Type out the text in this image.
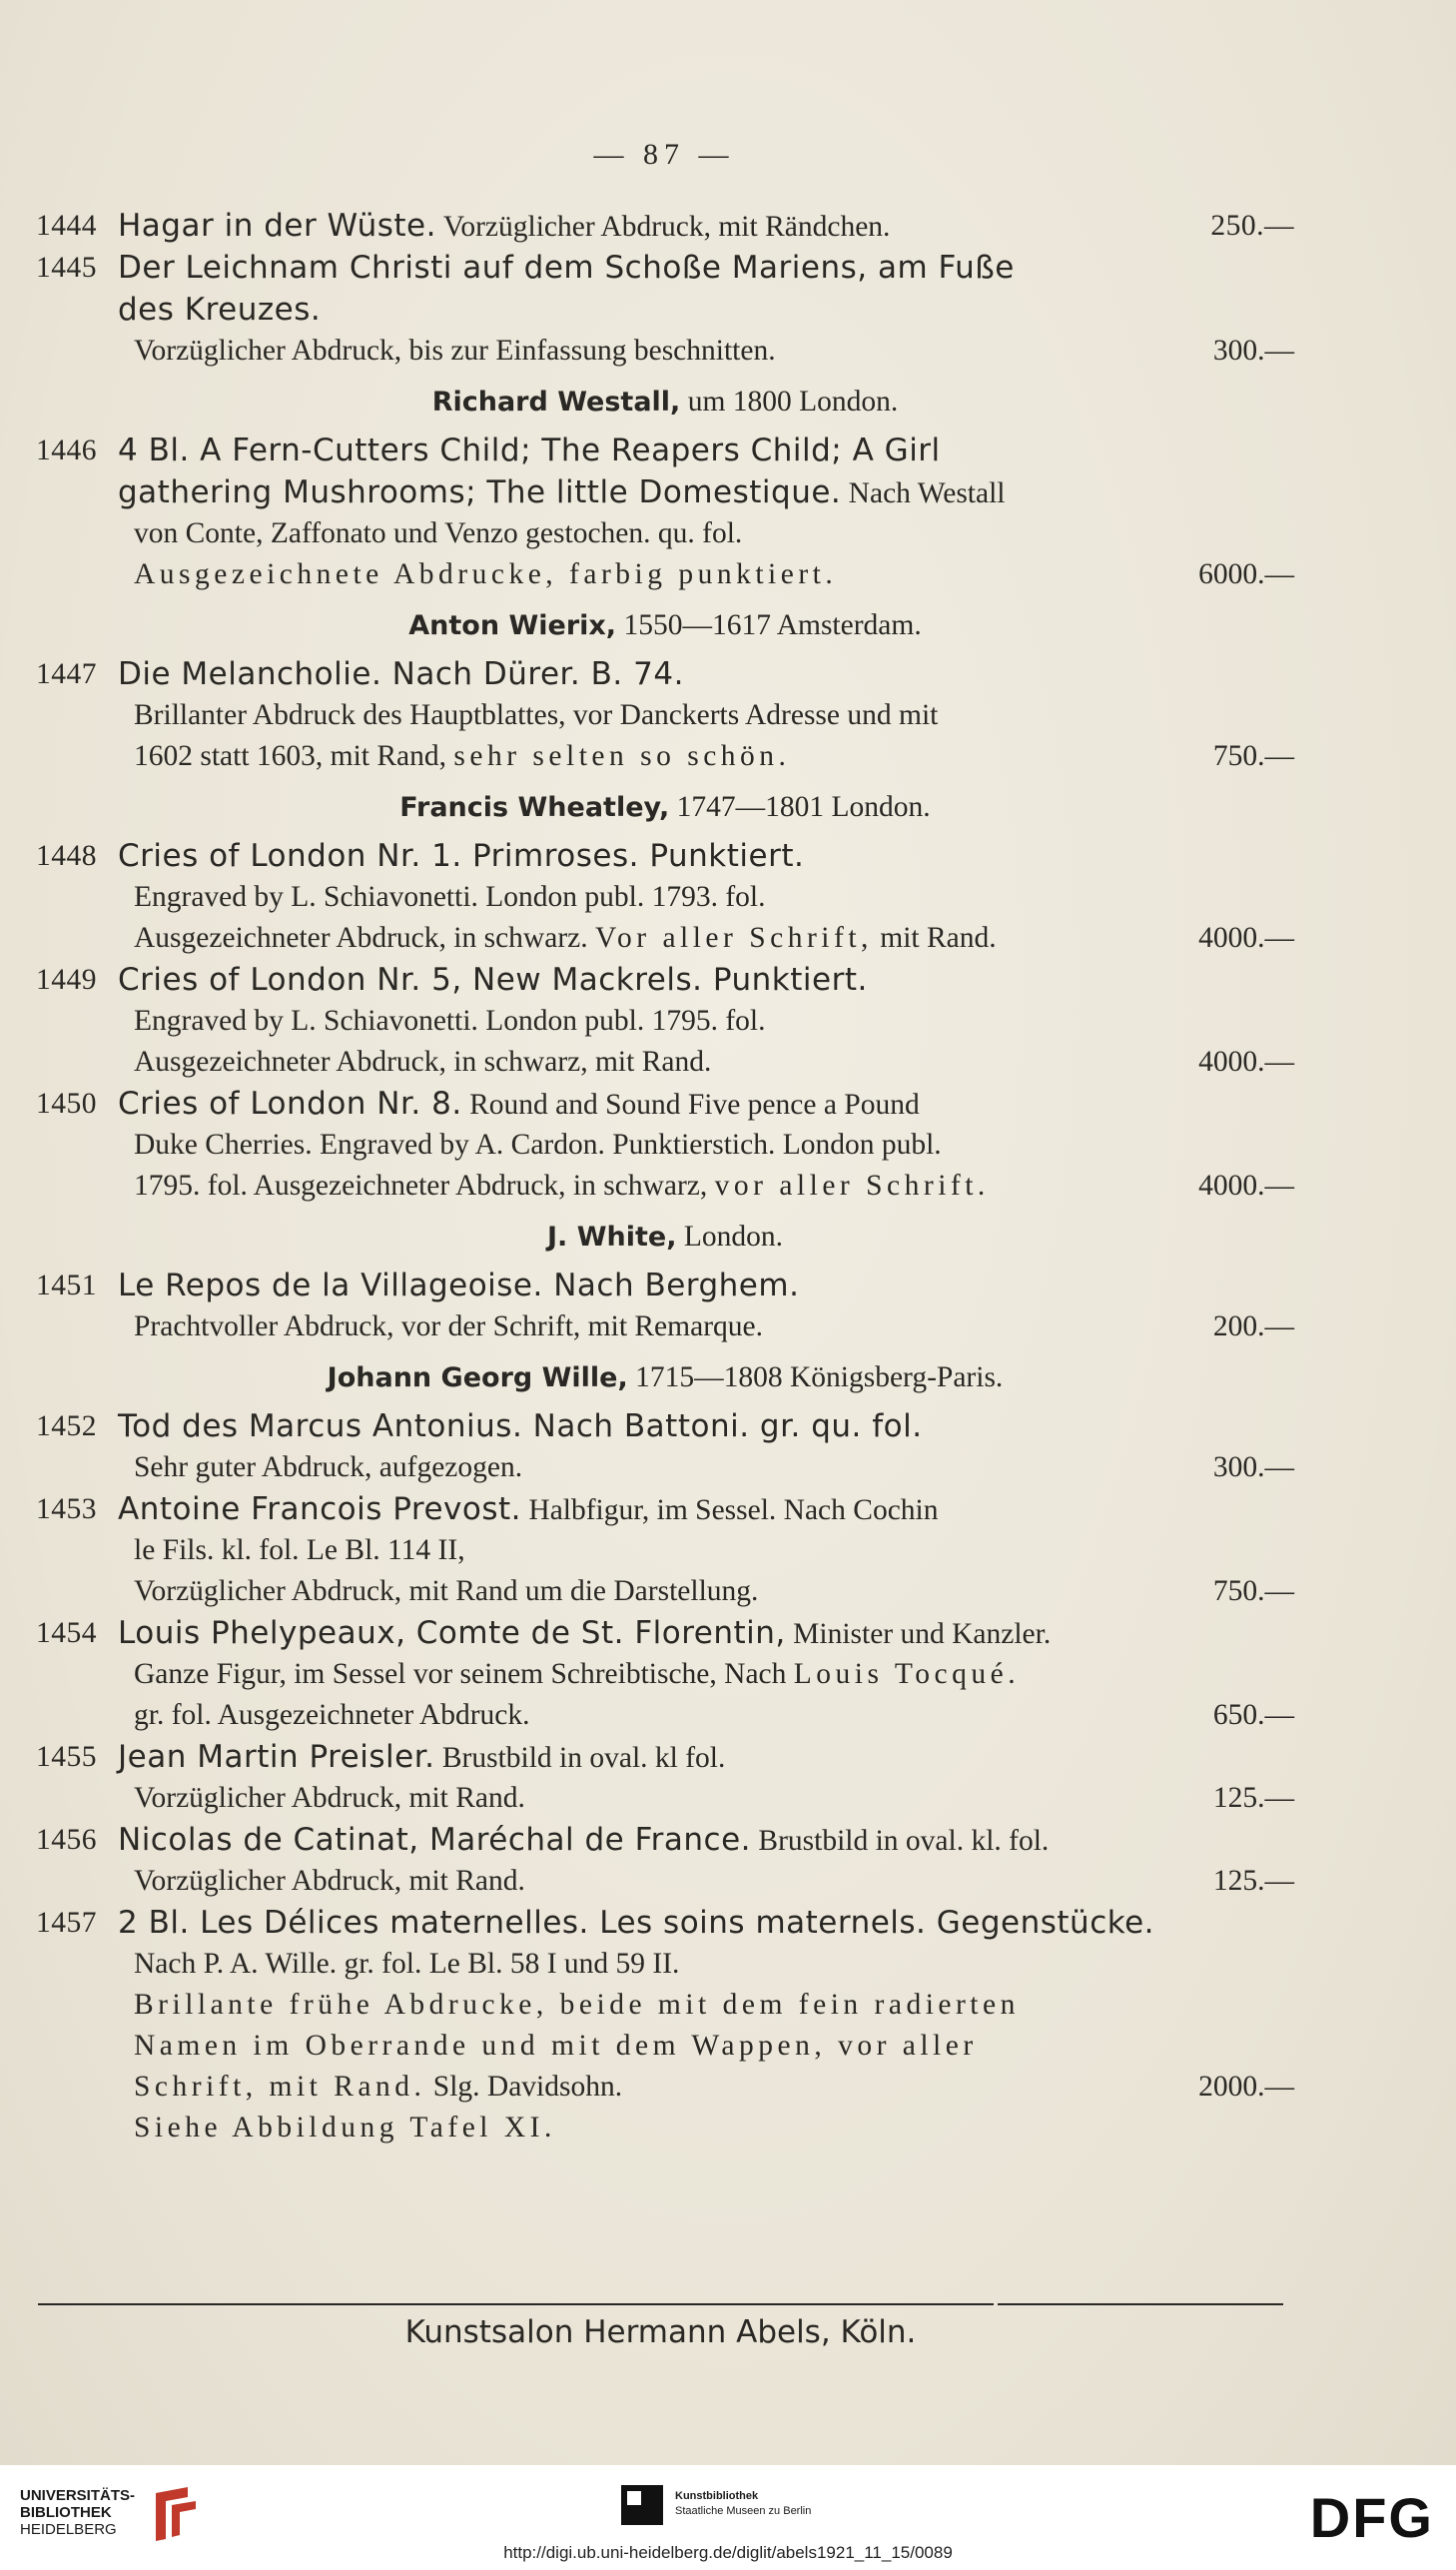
— 87 —
1444 Hagar in der Wüste. Vorzüglicher Abdruck, mit Rändchen.	250.—
1445 Der Leichnam Christi auf dem Schoße Mariens, am Fuße
des Kreuzes.
Vorzüglicher Abdruck, bis zur Einfassung beschnitten.	300.—
Richard Westall, um 1800 London.
1446 4 Bl. A Fern-Cutters Child; The Reapers Child; A Girl
gathering Mushrooms; The little Domestique. Nach Westall
von Conte, Zaffonato und Venzo gestochen. qu. fol.
Ausgezeichnete Abdrucke, farbig punktiert.	6000.—
Anton Wierix, 1550—1617 Amsterdam.
1447 Die Melancholie. Nach Dürer. B. 74.
Brillanter Abdruck des Hauptblattes, vor Danckerts Adresse und mit
1602 statt 1603, mit Rand, sehr selten so schön.	750.—
Francis Wheatley, 1747—1801 London.
1448 Cries of London Nr. 1. Primroses. Punktiert.
Engraved by L. Schiavonetti. London publ. 1793. fol.
Ausgezeichneter Abdruck, in schwarz. Vor aller Schrift, mit Rand.	4000.—
1449 Cries of London Nr. 5, New Mackrels. Punktiert.
Engraved by L. Schiavonetti. London publ. 1795. fol.
Ausgezeichneter Abdruck, in schwarz, mit Rand.	4000.—
1450 Cries of London Nr. 8. Round and Sound Five pence a Pound
Duke Cherries. Engraved by A. Cardon. Punktierstich. London publ.
1795. fol. Ausgezeichneter Abdruck, in schwarz, vor aller Schrift.	4000.—
J. White, London.
1451 Le Repos de la Villageoise. Nach Berghem.
Prachtvoller Abdruck, vor der Schrift, mit Remarque.	200.—
Johann Georg Wille, 1715—1808 Königsberg-Paris.
1452 Tod des Marcus Antonius. Nach Battoni. gr. qu. fol.
Sehr guter Abdruck, aufgezogen.	300.—
1453 Antoine Francois Prevost. Halbfigur, im Sessel. Nach Cochin
le Fils. kl. fol. Le Bl. 114 II,
Vorzüglicher Abdruck, mit Rand um die Darstellung.	750.—
1454 Louis Phelypeaux, Comte de St. Florentin, Minister und Kanzler.
Ganze Figur, im Sessel vor seinem Schreibtische, Nach Louis Tocqué.
gr. fol. Ausgezeichneter Abdruck.	650.—
1455 Jean Martin Preisler. Brustbild in oval. kl fol.
Vorzüglicher Abdruck, mit Rand.	125.—
1456 Nicolas de Catinat, Maréchal de France. Brustbild in oval. kl. fol.
Vorzüglicher Abdruck, mit Rand.	125.—
1457 2 Bl. Les Délices maternelles. Les soins maternels. Gegenstücke.
Nach P. A. Wille. gr. fol. Le Bl. 58 I und 59 II.
Brillante frühe Abdrucke, beide mit dem fein radierten
Namen im Oberrande und mit dem Wappen, vor aller
Schrift, mit Rand. Slg. Davidsohn.	2000.—
Siehe Abbildung Tafel XI.
Kunstsalon Hermann Abels, Köln.
UNIVERSITÄTS-
BIBLIOTHEK
HEIDELBERG
Kunstbibliothek
Staatliche Museen zu Berlin	DFG
http://digi.ub.uni-heidelberg.de/diglit/abels1921_11_15/0089
